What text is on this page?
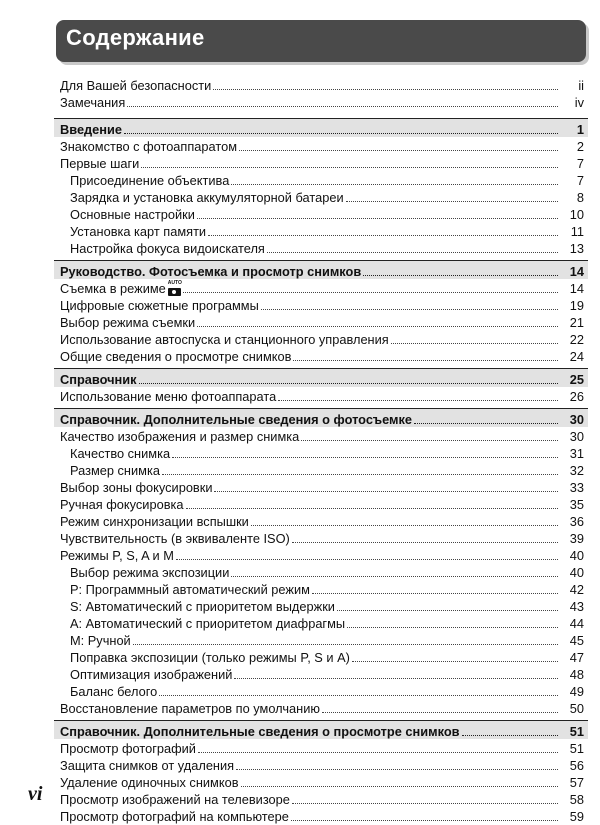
Содержание
Для Вашей безопасности	ii
Замечания	iv
Введение	1
Знакомство с фотоаппаратом	2
Первые шаги	7
Присоединение объектива	7
Зарядка и установка аккумуляторной батареи	8
Основные настройки	10
Установка карт памяти	11
Настройка фокуса видоискателя	13
Руководство. Фотосъемка и просмотр снимков	14
Съемка в режиме AUTO	14
Цифровые сюжетные программы	19
Выбор режима съемки	21
Использование автоспуска и станционного управления	22
Общие сведения о просмотре снимков	24
Справочник	25
Использование меню фотоаппарата	26
Справочник. Дополнительные сведения о фотосъемке	30
Качество изображения и размер снимка	30
Качество снимка	31
Размер снимка	32
Выбор зоны фокусировки	33
Ручная фокусировка	35
Режим синхронизации вспышки	36
Чувствительность (в эквиваленте ISO)	39
Режимы P, S, A и M	40
Выбор режима экспозиции	40
P: Программный автоматический режим	42
S: Автоматический с приоритетом выдержки	43
A: Автоматический с приоритетом диафрагмы	44
M: Ручной	45
Поправка экспозиции (только режимы P, S и A)	47
Оптимизация изображений	48
Баланс белого	49
Восстановление параметров по умолчанию	50
Справочник. Дополнительные сведения о просмотре снимков	51
Просмотр фотографий	51
Защита снимков от удаления	56
Удаление одиночных снимков	57
Просмотр изображений на телевизоре	58
Просмотр фотографий на компьютере	59
vi
